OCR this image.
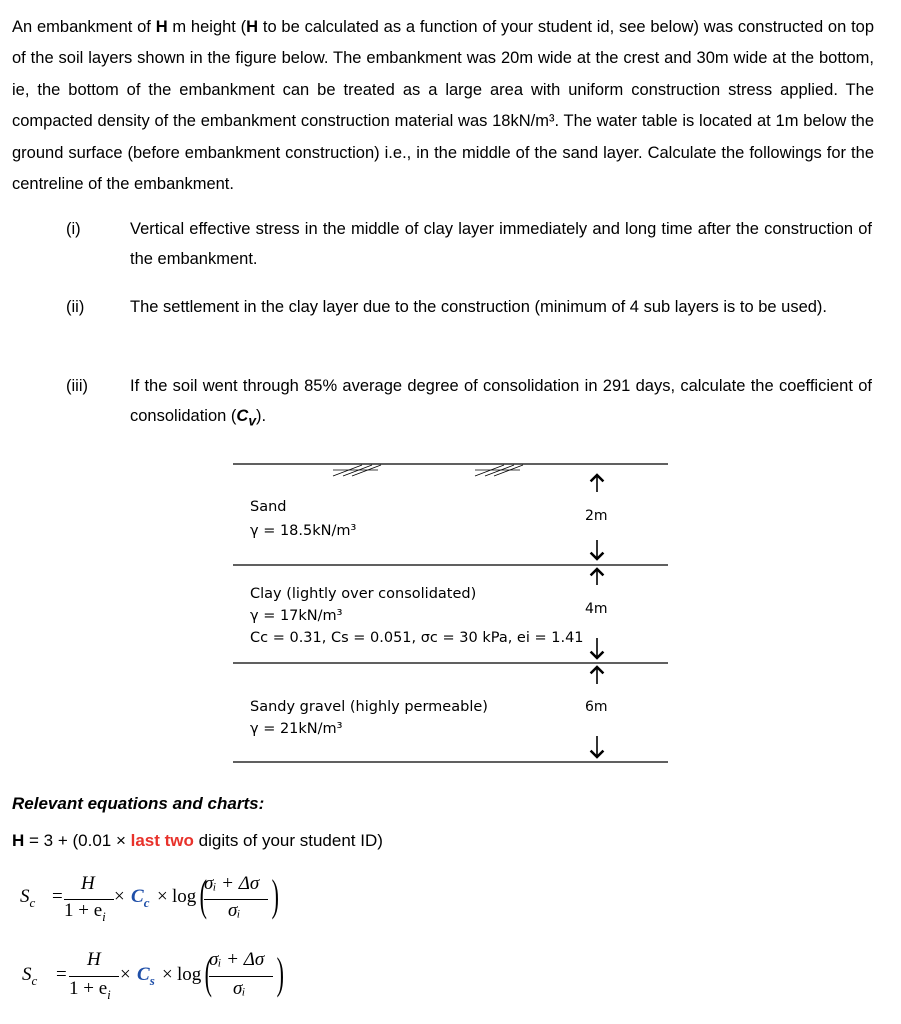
An embankment of H m height (H to be calculated as a function of your student id, see below) was constructed on top of the soil layers shown in the figure below. The embankment was 20m wide at the crest and 30m wide at the bottom, ie, the bottom of the embankment can be treated as a large area with uniform construction stress applied. The compacted density of the embankment construction material was 18kN/m³. The water table is located at 1m below the ground surface (before embankment construction) i.e., in the middle of the sand layer. Calculate the followings for the centreline of the embankment.
(i)	Vertical effective stress in the middle of clay layer immediately and long time after the construction of the embankment.
(ii)	The settlement in the clay layer due to the construction (minimum of 4 sub layers is to be used).
(iii)	If the soil went through 85% average degree of consolidation in 291 days, calculate the coefficient of consolidation $(C_v)$.
Sand
γ = 18.5kN/m³
2m
Clay (lightly over consolidated)
γ = 17kN/m³
Cc = 0.31, Cs = 0.051, σc = 30 kPa, ei = 1.41
4m
Sandy gravel (highly permeable)
γ = 21kN/m³
6m
Relevant equations and charts:
H = 3 + (0.01 × last two digits of your student ID)
$S_c$ =
H
$1 + e_i$
× $C_c \times \log$ (
σᵢ + Δσ
σᵢ )
$S_c$ =
H
$1 + e_i$
× $C_s \times \log$ (
σᵢ + Δσ
σᵢ )
